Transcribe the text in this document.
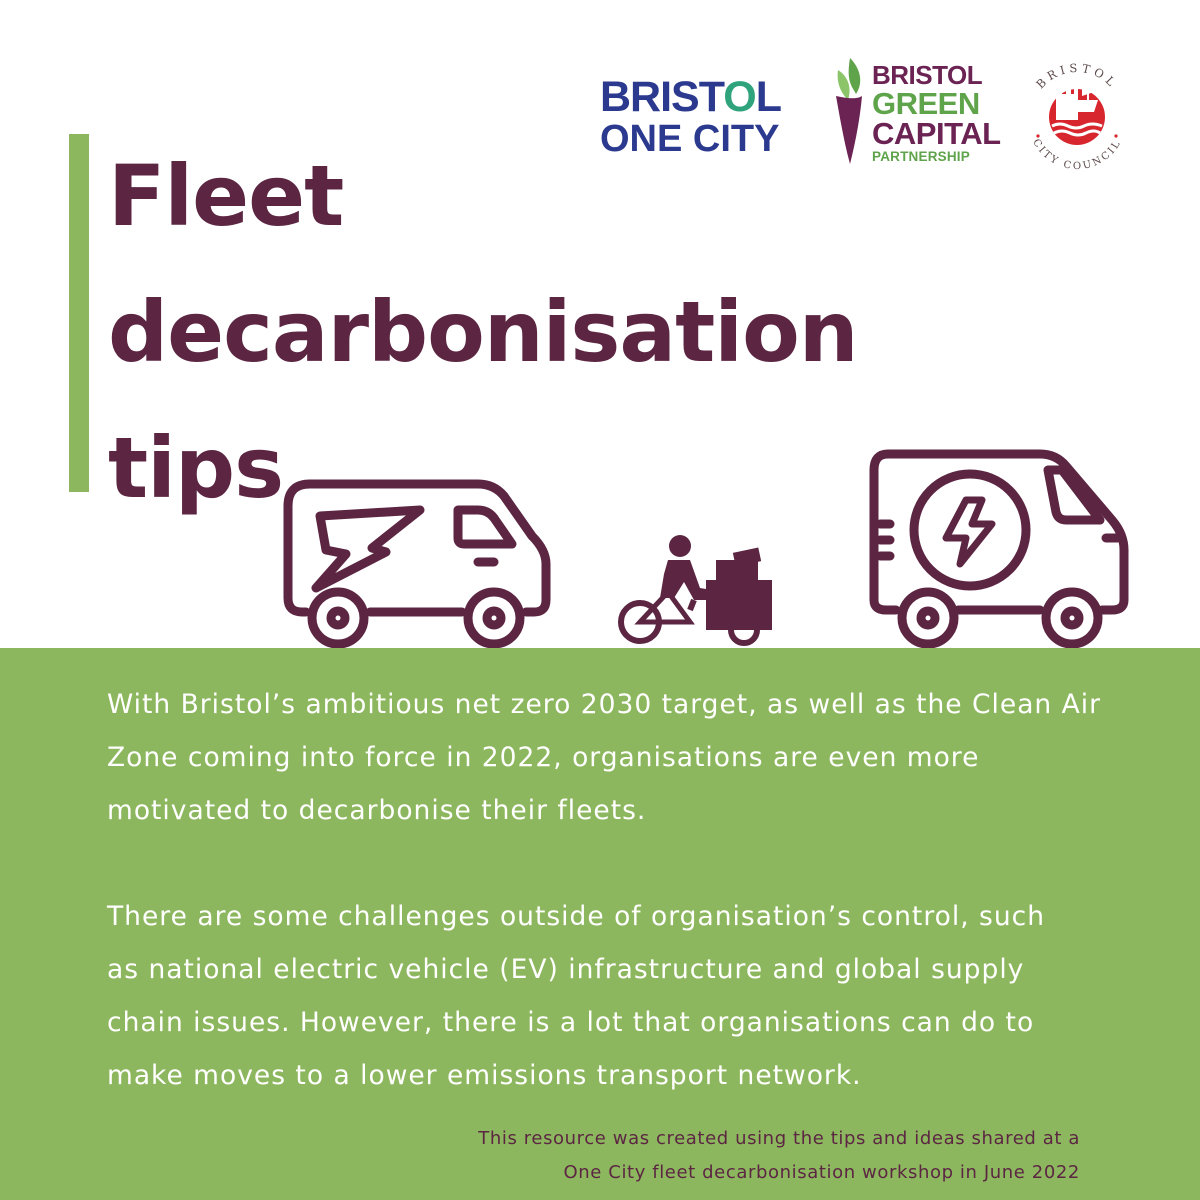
Fleet
decarbonisation
tips
BRISTOL
ONE CITY
BRISTOL
GREEN
CAPITAL
PARTNERSHIP
BRISTOL
CITY COUNCIL

With Bristol’s ambitious net zero 2030 target, as well as the Clean Air Zone coming into force in 2022, organisations are even more motivated to decarbonise their fleets.

There are some challenges outside of organisation’s control, such as national electric vehicle (EV) infrastructure and global supply chain issues. However, there is a lot that organisations can do to make moves to a lower emissions transport network.

This resource was created using the tips and ideas shared at a
One City fleet decarbonisation workshop in June 2022
